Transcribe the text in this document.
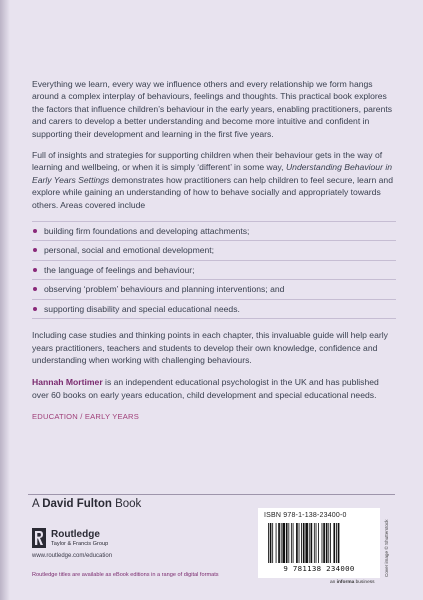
Everything we learn, every way we influence others and every relationship we form hangs around a complex interplay of behaviours, feelings and thoughts. This practical book explores the factors that influence children’s behaviour in the early years, enabling practitioners, parents and carers to develop a better understanding and become more intuitive and confident in supporting their development and learning in the first five years.

Full of insights and strategies for supporting children when their behaviour gets in the way of learning and wellbeing, or when it is simply ‘different’ in some way, Understanding Behaviour in Early Years Settings demonstrates how practitioners can help children to feel secure, learn and explore while gaining an understanding of how to behave socially and appropriately towards others. Areas covered include

building firm foundations and developing attachments;
personal, social and emotional development;
the language of feelings and behaviour;
observing ‘problem’ behaviours and planning interventions; and
supporting disability and special educational needs.

Including case studies and thinking points in each chapter, this invaluable guide will help early years practitioners, teachers and students to develop their own knowledge, confidence and understanding when working with challenging behaviours.

Hannah Mortimer is an independent educational psychologist in the UK and has published over 60 books on early years education, child development and special educational needs.

EDUCATION / EARLY YEARS
A David Fulton Book
Routledge
Taylor & Francis Group
www.routledge.com/education
Routledge titles are available as eBook editions in a range of digital formats
ISBN 978-1-138-23400-0
9 781138 234000	Cover image © Shutterstock
an informa business
